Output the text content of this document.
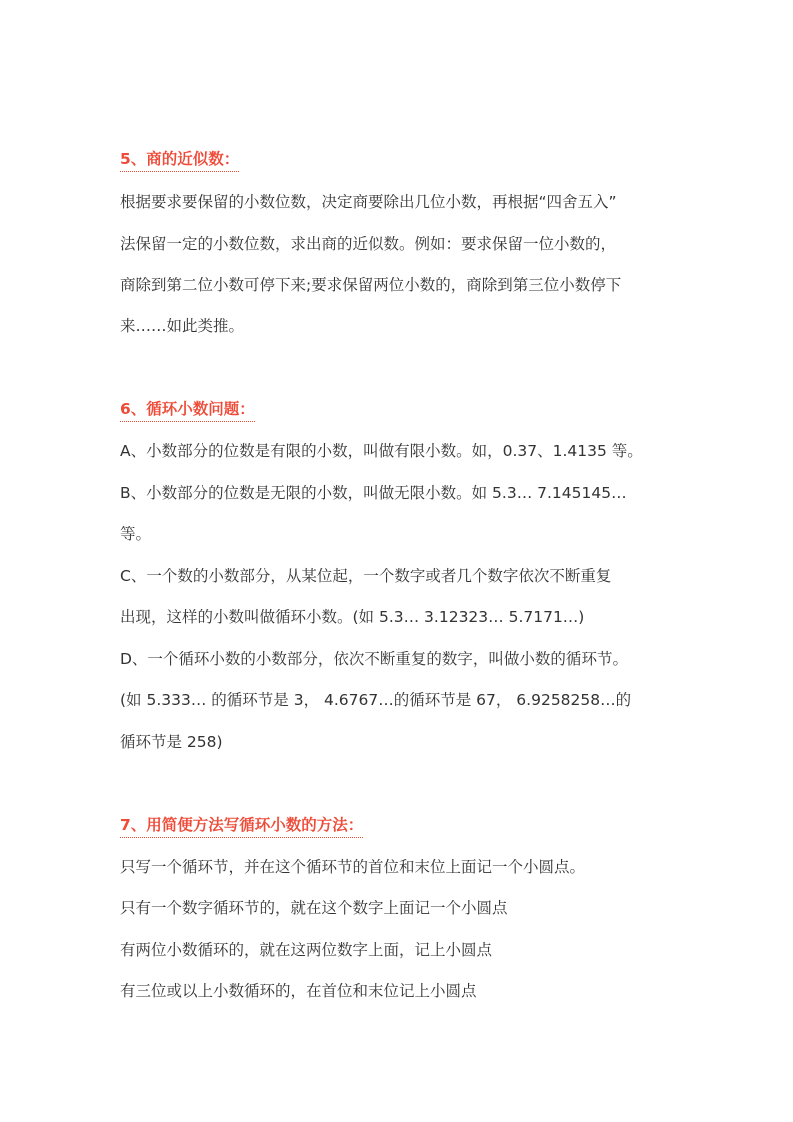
5、商的近似数：
根据要求要保留的小数位数，决定商要除出几位小数，再根据“四舍五入”
法保留一定的小数位数，求出商的近似数。例如：要求保留一位小数的，
商除到第二位小数可停下来;要求保留两位小数的，商除到第三位小数停下
来……如此类推。
6、循环小数问题：
A、小数部分的位数是有限的小数，叫做有限小数。如，0.37、1.4135 等。
B、小数部分的位数是无限的小数，叫做无限小数。如 5.3… 7.145145…
等。
C、一个数的小数部分，从某位起，一个数字或者几个数字依次不断重复
出现，这样的小数叫做循环小数。(如 5.3… 3.12323… 5.7171…)
D、一个循环小数的小数部分，依次不断重复的数字，叫做小数的循环节。
(如 5.333… 的循环节是 3， 4.6767…的循环节是 67， 6.9258258…的
循环节是 258)
7、用简便方法写循环小数的方法：
只写一个循环节，并在这个循环节的首位和末位上面记一个小圆点。
只有一个数字循环节的，就在这个数字上面记一个小圆点
有两位小数循环的，就在这两位数字上面，记上小圆点
有三位或以上小数循环的，在首位和末位记上小圆点
